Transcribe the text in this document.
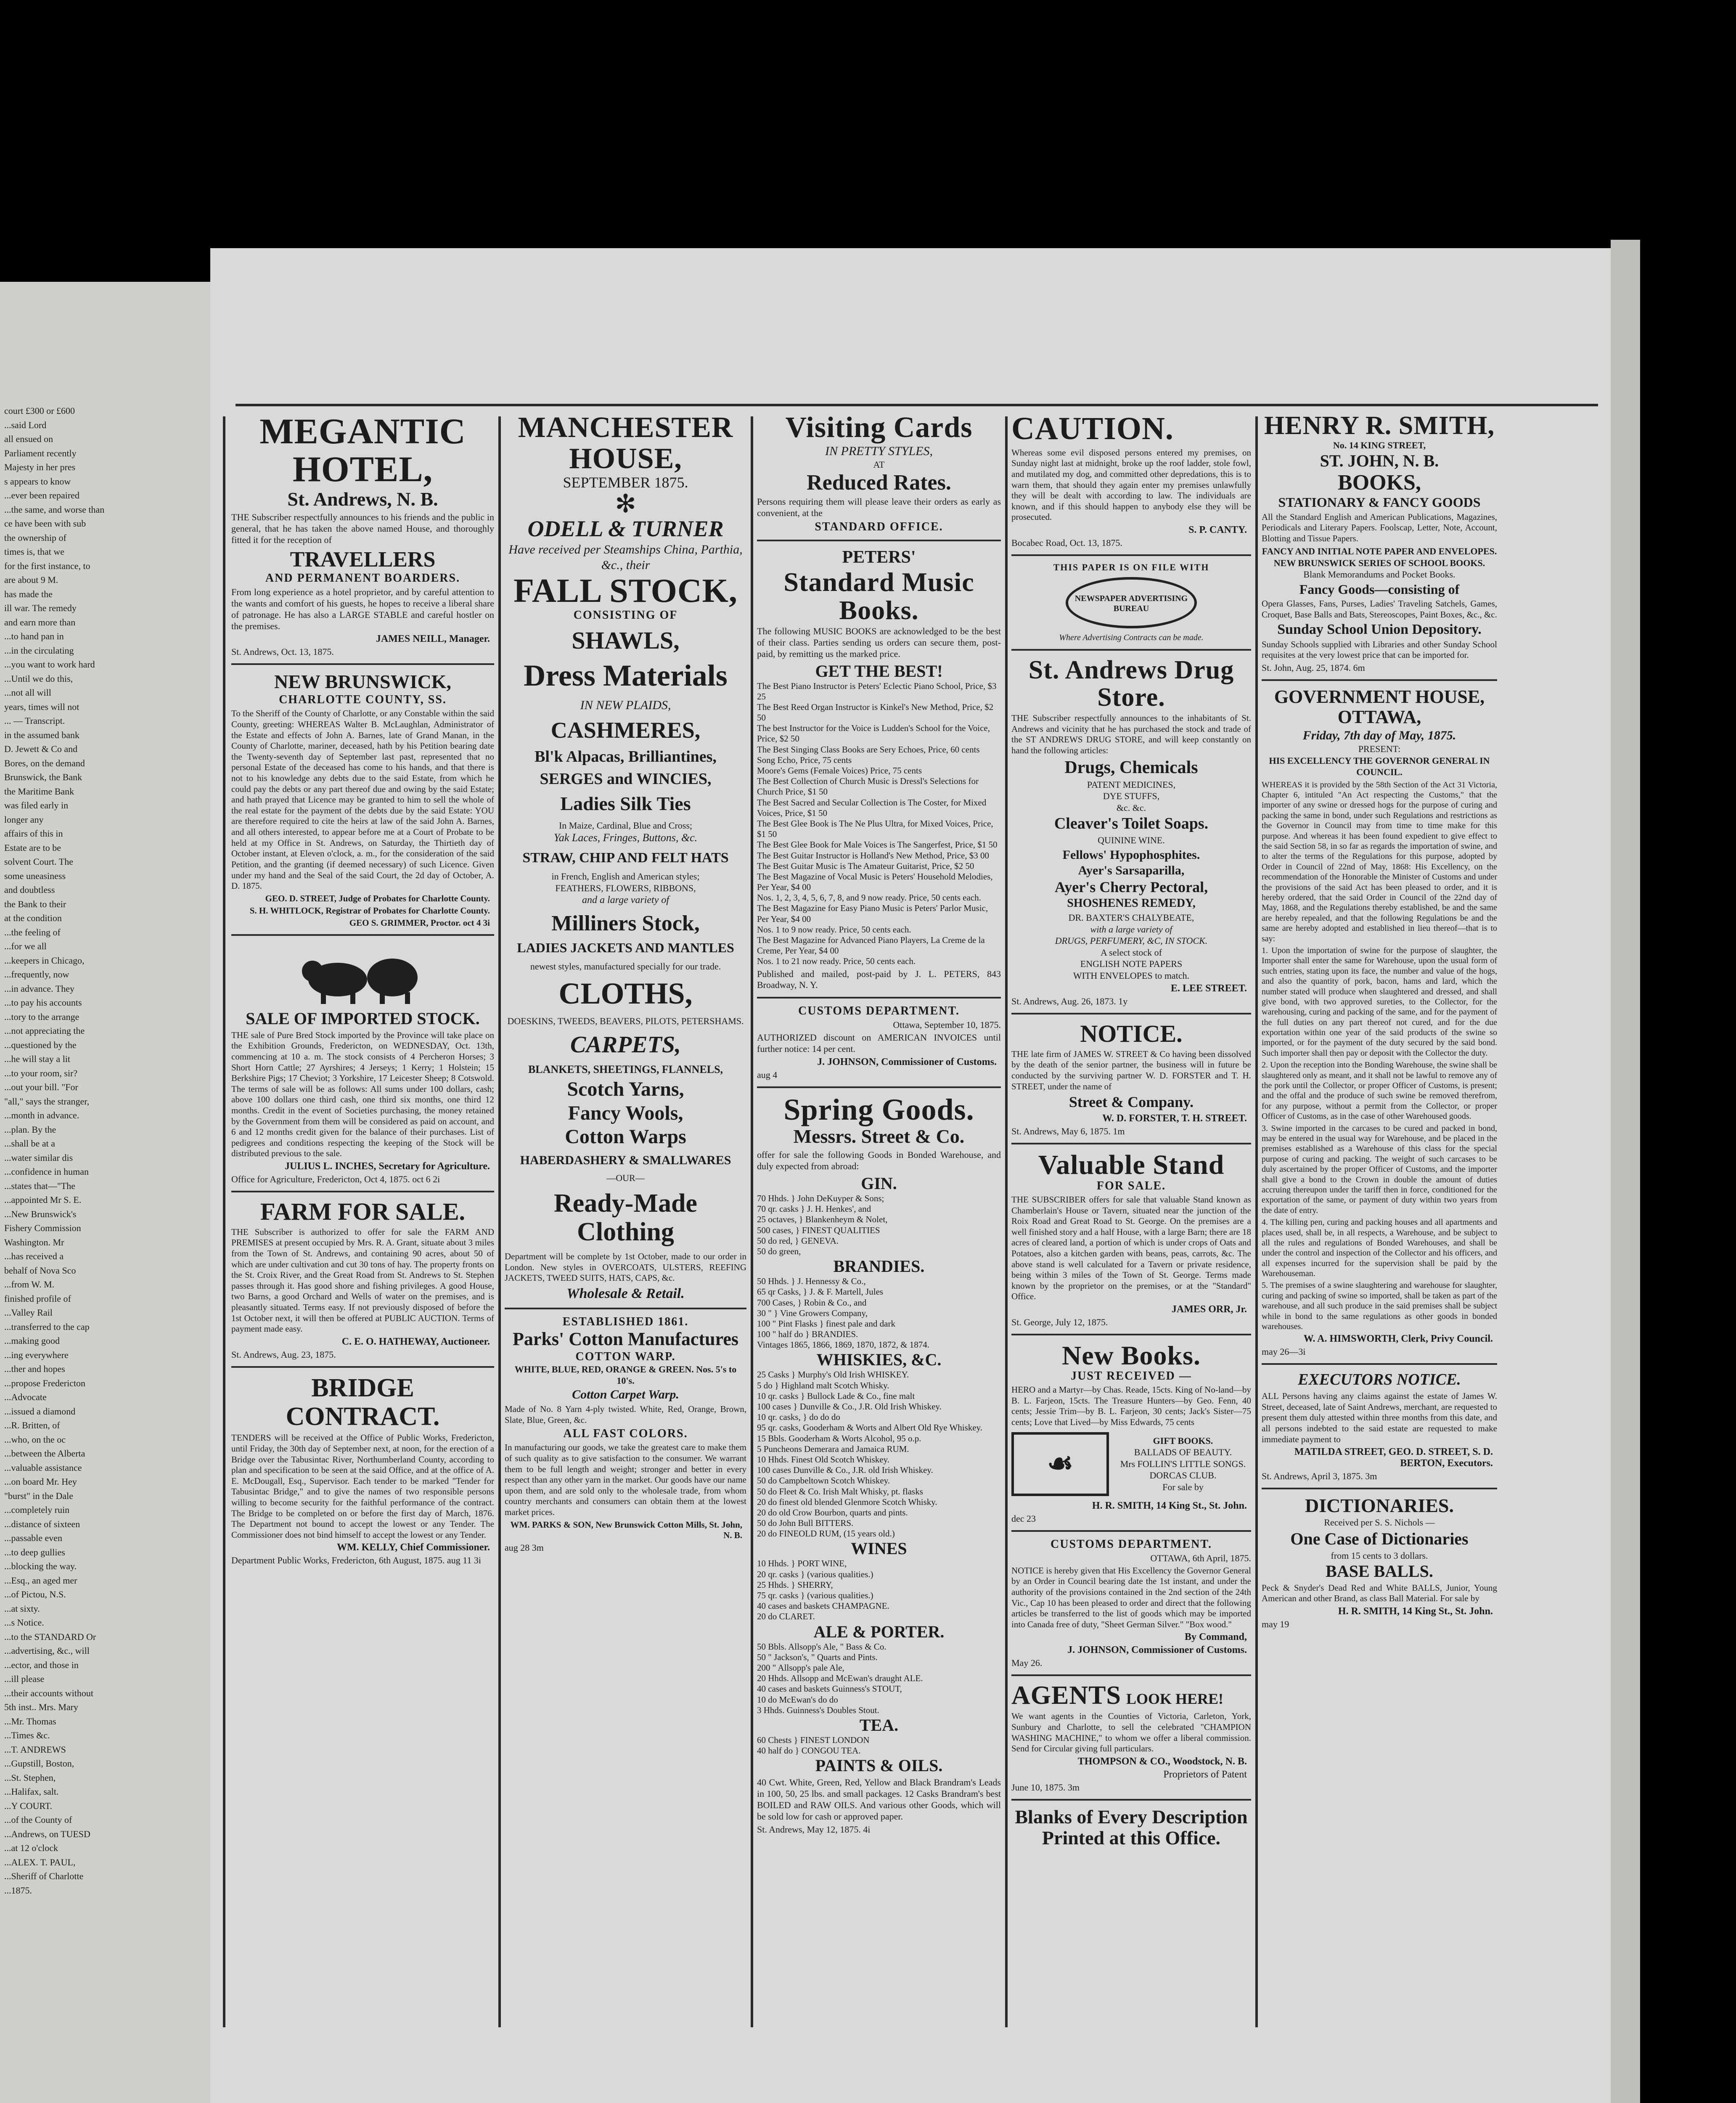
court £300 or £600
...said Lord
all ensued on
Parliament recently
Majesty in her pres
s appears to know
...ever been repaired
...the same, and worse than
ce have been with sub
the ownership of
times is, that we
for the first instance, to
are about 9 M.
has made the
ill war. The remedy
and earn more than
...to hand pan in
...in the circulating
...you want to work hard
...Until we do this,
...not all will
years, times will not
... — Transcript.
in the assumed bank
D. Jewett & Co and
Bores, on the demand
Brunswick, the Bank
the Maritime Bank
was filed early in
longer any
affairs of this in
Estate are to be
solvent Court. The
some uneasiness
and doubtless
the Bank to their
at the condition
...the feeling of
...for we all
...keepers in Chicago,
...frequently, now
...in advance. They
...to pay his accounts
...tory to the arrange
...not appreciating the
...questioned by the
...he will stay a lit
...to your room, sir?
...out your bill. "For
"all," says the stranger,
...month in advance.
...plan. By the
...shall be at a
...water similar dis
...confidence in human
...states that—"The
...appointed Mr S. E.
...New Brunswick's
Fishery Commission
Washington. Mr
...has received a
behalf of Nova Sco
...from W. M.
finished profile of
...Valley Rail
...transferred to the cap
...making good
...ing everywhere
...ther and hopes
...propose Fredericton
...Advocate
...issued a diamond
...R. Britten, of
...who, on the oc
...between the Alberta
...valuable assistance
...on board Mr. Hey
"burst" in the Dale
...completely ruin
...distance of sixteen
...passable even
...to deep gullies
...blocking the way.
...Esq., an aged mer
...of Pictou, N.S.
...at sixty.
...s Notice.
...to the STANDARD Or
...advertising, &c., will
...ector, and those in
...ill please
...their accounts without
5th inst.. Mrs. Mary
...Mr. Thomas
...Times &c.
...T. ANDREWS
...Gupstill, Boston,
...St. Stephen,
...Halifax, salt.
...Y COURT.
...of the County of
...Andrews, on TUESD
...at 12 o'clock
...ALEX. T. PAUL,
...Sheriff of Charlotte
...1875.
MEGANTIC HOTEL,
St. Andrews, N. B.

THE Subscriber respectfully announces to his friends and the public in general, that he has taken the above named House, and thoroughly fitted it for the reception of

TRAVELLERS
AND PERMANENT BOARDERS.

From long experience as a hotel proprietor, and by careful attention to the wants and comfort of his guests, he hopes to receive a liberal share of patronage. He has also a LARGE STABLE and careful hostler on the premises.

JAMES NEILL, Manager.
St. Andrews, Oct. 13, 1875.
NEW BRUNSWICK,
CHARLOTTE COUNTY, SS.

To the Sheriff of the County of Charlotte, or any Constable within the said County, greeting: WHEREAS Walter B. McLaughlan, Administrator of the Estate and effects of John A. Barnes, late of Grand Manan, in the County of Charlotte, mariner, deceased, hath by his Petition bearing date the Twenty-seventh day of September last past, represented that no personal Estate of the deceased has come to his hands, and that there is not to his knowledge any debts due to the said Estate, from which he could pay the debts or any part thereof due and owing by the said Estate; and hath prayed that Licence may be granted to him to sell the whole of the real estate for the payment of the debts due by the said Estate: YOU are therefore required to cite the heirs at law of the said John A. Barnes, and all others interested, to appear before me at a Court of Probate to be held at my Office in St. Andrews, on Saturday, the Thirtieth day of October instant, at Eleven o'clock, a. m., for the consideration of the said Petition, and the granting (if deemed necessary) of such Licence. Given under my hand and the Seal of the said Court, the 2d day of October, A. D. 1875.

GEO. D. STREET, Judge of Probates for Charlotte County.
S. H. WHITLOCK, Registrar of Probates for Charlotte County.
GEO S. GRIMMER, Proctor. oct 4 3i
SALE OF IMPORTED STOCK.

THE sale of Pure Bred Stock imported by the Province will take place on the Exhibition Grounds, Fredericton, on WEDNESDAY, Oct. 13th, commencing at 10 a. m. The stock consists of 4 Percheron Horses; 3 Short Horn Cattle; 27 Ayrshires; 4 Jerseys; 1 Kerry; 1 Holstein; 15 Berkshire Pigs; 17 Cheviot; 3 Yorkshire, 17 Leicester Sheep; 8 Cotswold. The terms of sale will be as follows: All sums under 100 dollars, cash; above 100 dollars one third cash, one third six months, one third 12 months. Credit in the event of Societies purchasing, the money retained by the Government from them will be considered as paid on account, and 6 and 12 months credit given for the balance of their purchases. List of pedigrees and conditions respecting the keeping of the Stock will be distributed previous to the sale.

JULIUS L. INCHES, Secretary for Agriculture.
Office for Agriculture, Fredericton, Oct 4, 1875. oct 6 2i
FARM FOR SALE.

THE Subscriber is authorized to offer for sale the FARM AND PREMISES at present occupied by Mrs. R. A. Grant, situate about 3 miles from the Town of St. Andrews, and containing 90 acres, about 50 of which are under cultivation and cut 30 tons of hay. The property fronts on the St. Croix River, and the Great Road from St. Andrews to St. Stephen passes through it. Has good shore and fishing privileges. A good House, two Barns, a good Orchard and Wells of water on the premises, and is pleasantly situated. Terms easy. If not previously disposed of before the 1st October next, it will then be offered at PUBLIC AUCTION. Terms of payment made easy.

C. E. O. HATHEWAY, Auctioneer.
St. Andrews, Aug. 23, 1875.
BRIDGE CONTRACT.

TENDERS will be received at the Office of Public Works, Fredericton, until Friday, the 30th day of September next, at noon, for the erection of a Bridge over the Tabusintac River, Northumberland County, according to plan and specification to be seen at the said Office, and at the office of A. E. McDougall, Esq., Supervisor. Each tender to be marked "Tender for Tabusintac Bridge," and to give the names of two responsible persons willing to become security for the faithful performance of the contract. The Bridge to be completed on or before the first day of March, 1876. The Department not bound to accept the lowest or any Tender. The Commissioner does not bind himself to accept the lowest or any Tender.

WM. KELLY, Chief Commissioner.
Department Public Works, Fredericton, 6th August, 1875. aug 11 3i
MANCHESTER HOUSE,
SEPTEMBER 1875.
✻
ODELL & TURNER
Have received per Steamships China, Parthia, &c., their
FALL STOCK,
CONSISTING OF
SHAWLS,
Dress Materials
IN NEW PLAIDS,
CASHMERES,
Bl'k Alpacas, Brilliantines,
SERGES and WINCIES,
Ladies Silk Ties
In Maize, Cardinal, Blue and Cross;
Yak Laces, Fringes, Buttons, &c.
STRAW, CHIP AND FELT HATS
in French, English and American styles;
FEATHERS, FLOWERS, RIBBONS,
and a large variety of
Milliners Stock,
LADIES JACKETS AND MANTLES
newest styles, manufactured specially for our trade.
CLOTHS,
DOESKINS, TWEEDS, BEAVERS, PILOTS, PETERSHAMS.
CARPETS,
BLANKETS, SHEETINGS, FLANNELS,
Scotch Yarns,
Fancy Wools,
Cotton Warps
HABERDASHERY & SMALLWARES
—OUR—
Ready-Made Clothing

Department will be complete by 1st October, made to our order in London. New styles in OVERCOATS, ULSTERS, REEFING JACKETS, TWEED SUITS, HATS, CAPS, &c.

Wholesale & Retail.
ESTABLISHED 1861.
Parks' Cotton Manufactures
COTTON WARP.
WHITE, BLUE, RED, ORANGE & GREEN. Nos. 5's to 10's.
Cotton Carpet Warp.

Made of No. 8 Yarn 4-ply twisted. White, Red, Orange, Brown, Slate, Blue, Green, &c.

ALL FAST COLORS.

In manufacturing our goods, we take the greatest care to make them of such quality as to give satisfaction to the consumer. We warrant them to be full length and weight; stronger and better in every respect than any other yarn in the market. Our goods have our name upon them, and are sold only to the wholesale trade, from whom country merchants and consumers can obtain them at the lowest market prices.

WM. PARKS & SON, New Brunswick Cotton Mills, St. John, N. B.
aug 28 3m
Visiting Cards
IN PRETTY STYLES,
AT
Reduced Rates.

Persons requiring them will please leave their orders as early as convenient, at the

STANDARD OFFICE.
PETERS'
Standard Music Books.

The following MUSIC BOOKS are acknowledged to be the best of their class. Parties sending us orders can secure them, post-paid, by remitting us the marked price.

GET THE BEST!
The Best Piano Instructor is Peters' Eclectic Piano School, Price, $3 25
The Best Reed Organ Instructor is Kinkel's New Method, Price, $2 50
The best Instructor for the Voice is Ludden's School for the Voice, Price, $2 50
The Best Singing Class Books are Sery Echoes, Price, 60 cents
Song Echo, Price, 75 cents
Moore's Gems (Female Voices) Price, 75 cents
The Best Collection of Church Music is Dressl's Selections for Church Price, $1 50
The Best Sacred and Secular Collection is The Coster, for Mixed Voices, Price, $1 50
The Best Glee Book is The Ne Plus Ultra, for Mixed Voices, Price, $1 50
The Best Glee Book for Male Voices is The Sangerfest, Price, $1 50
The Best Guitar Instructor is Holland's New Method, Price, $3 00
The Best Guitar Music is The Amateur Guitarist, Price, $2 50
The Best Magazine of Vocal Music is Peters' Household Melodies, Per Year, $4 00
Nos. 1, 2, 3, 4, 5, 6, 7, 8, and 9 now ready. Price, 50 cents each.
The Best Magazine for Easy Piano Music is Peters' Parlor Music, Per Year, $4 00
Nos. 1 to 9 now ready. Price, 50 cents each.
The Best Magazine for Advanced Piano Players, La Creme de la Creme, Per Year, $4 00
Nos. 1 to 21 now ready. Price, 50 cents each.

Published and mailed, post-paid by J. L. PETERS, 843 Broadway, N. Y.

CUSTOMS DEPARTMENT.
Ottawa, September 10, 1875.

AUTHORIZED discount on AMERICAN INVOICES until further notice: 14 per cent.

J. JOHNSON, Commissioner of Customs.
aug 4
Spring Goods.
Messrs. Street & Co.

offer for sale the following Goods in Bonded Warehouse, and duly expected from abroad:

GIN.
70 Hhds. } John DeKuyper & Sons;
70 qr. casks } J. H. Henkes', and
25 octaves, } Blankenheym & Nolet,
500 cases, } FINEST QUALITIES
50 do red, } GENEVA.
50 do green,
BRANDIES.
50 Hhds. } J. Hennessy & Co.,
65 qr Casks, } J. & F. Martell, Jules
700 Cases, } Robin & Co., and
30 " } Vine Growers Company,
100 " Pint Flasks } finest pale and dark
100 " half do } BRANDIES.
Vintages 1865, 1866, 1869, 1870, 1872, & 1874.
WHISKIES, &C.
25 Casks } Murphy's Old Irish WHISKEY.
5 do } Highland malt Scotch Whisky.
10 qr. casks } Bullock Lade & Co., fine malt
100 cases } Dunville & Co., J.R. Old Irish Whiskey.
10 qr. casks, } do do do
95 qr. casks, Gooderham & Worts and Albert Old Rye Whiskey.
15 Bbls. Gooderham & Worts Alcohol, 95 o.p.
5 Puncheons Demerara and Jamaica RUM.
10 Hhds. Finest Old Scotch Whiskey.
100 cases Dunville & Co., J.R. old Irish Whiskey.
50 do Campbeltown Scotch Whiskey.
50 do Fleet & Co. Irish Malt Whisky, pt. flasks
20 do finest old blended Glenmore Scotch Whisky.
20 do old Crow Bourbon, quarts and pints.
50 do John Bull BITTERS.
20 do FINEOLD RUM, (15 years old.)
WINES
10 Hhds. } PORT WINE,
20 qr. casks } (various qualities.)
25 Hhds. } SHERRY,
75 qr. casks } (various qualities.)
40 cases and baskets CHAMPAGNE.
20 do CLARET.
ALE & PORTER.
50 Bbls. Allsopp's Ale, " Bass & Co.
50 " Jackson's, " Quarts and Pints.
200 " Allsopp's pale Ale,
20 Hhds. Allsopp and McEwan's draught ALE.
40 cases and baskets Guinness's STOUT,
10 do McEwan's do do
3 Hhds. Guinness's Doubles Stout.
TEA.
60 Chests } FINEST LONDON
40 half do } CONGOU TEA.
PAINTS & OILS.

40 Cwt. White, Green, Red, Yellow and Black Brandram's Leads in 100, 50, 25 lbs. and small packages. 12 Casks Brandram's best BOILED and RAW OILS. And various other Goods, which will be sold low for cash or approved paper.

St. Andrews, May 12, 1875. 4i
CAUTION.

Whereas some evil disposed persons entered my premises, on Sunday night last at midnight, broke up the roof ladder, stole fowl, and mutilated my dog, and committed other depredations, this is to warn them, that should they again enter my premises unlawfully they will be dealt with according to law. The individuals are known, and if this should happen to anybody else they will be prosecuted.

S. P. CANTY.
Bocabec Road, Oct. 13, 1875.
THIS PAPER IS ON FILE WITH
NEWSPAPER ADVERTISING BUREAU
Where Advertising Contracts can be made.
St. Andrews Drug Store.

THE Subscriber respectfully announces to the inhabitants of St. Andrews and vicinity that he has purchased the stock and trade of the ST ANDREWS DRUG STORE, and will keep constantly on hand the following articles:

Drugs, Chemicals
PATENT MEDICINES,
DYE STUFFS,
&c. &c.
Cleaver's Toilet Soaps.
QUININE WINE.
Fellows' Hypophosphites.
Ayer's Sarsaparilla,
Ayer's Cherry Pectoral,
SHOSHENES REMEDY,
DR. BAXTER'S CHALYBEATE,
with a large variety of
DRUGS, PERFUMERY, &C, IN STOCK.
A select stock of
ENGLISH NOTE PAPERS
WITH ENVELOPES to match.
E. LEE STREET.
St. Andrews, Aug. 26, 1873. 1y
NOTICE.

THE late firm of JAMES W. STREET & Co having been dissolved by the death of the senior partner, the business will in future be conducted by the surviving partner W. D. FORSTER and T. H. STREET, under the name of

Street & Company.
W. D. FORSTER, T. H. STREET.
St. Andrews, May 6, 1875. 1m
Valuable Stand
FOR SALE.

THE SUBSCRIBER offers for sale that valuable Stand known as Chamberlain's House or Tavern, situated near the junction of the Roix Road and Great Road to St. George. On the premises are a well finished story and a half House, with a large Barn; there are 18 acres of cleared land, a portion of which is under crops of Oats and Potatoes, also a kitchen garden with beans, peas, carrots, &c. The above stand is well calculated for a Tavern or private residence, being within 3 miles of the Town of St. George. Terms made known by the proprietor on the premises, or at the "Standard" Office.

JAMES ORR, Jr.
St. George, July 12, 1875.
New Books.
JUST RECEIVED —

HERO and a Martyr—by Chas. Reade, 15cts. King of No-land—by B. L. Farjeon, 15cts. The Treasure Hunters—by Geo. Fenn, 40 cents; Jessie Trim—by B. L. Farjeon, 30 cents; Jack's Sister—75 cents; Love that Lived—by Miss Edwards, 75 cents

☙
GIFT BOOKS.
BALLADS OF BEAUTY.
Mrs FOLLIN'S LITTLE SONGS.
DORCAS CLUB.
For sale by
H. R. SMITH, 14 King St., St. John.
dec 23
CUSTOMS DEPARTMENT.
OTTAWA, 6th April, 1875.

NOTICE is hereby given that His Excellency the Governor General by an Order in Council bearing date the 1st instant, and under the authority of the provisions contained in the 2nd section of the 24th Vic., Cap 10 has been pleased to order and direct that the following articles be transferred to the list of goods which may be imported into Canada free of duty, "Sheet German Silver." "Box wood."

By Command,
J. JOHNSON, Commissioner of Customs.
May 26.
AGENTS LOOK HERE!

We want agents in the Counties of Victoria, Carleton, York, Sunbury and Charlotte, to sell the celebrated "CHAMPION WASHING MACHINE," to whom we offer a liberal commission. Send for Circular giving full particulars.

THOMPSON & CO., Woodstock, N. B.
Proprietors of Patent
June 10, 1875. 3m
Blanks of Every Description Printed at this Office.
HENRY R. SMITH,
No. 14 KING STREET,
ST. JOHN, N. B.
BOOKS,
STATIONARY & FANCY GOODS

All the Standard English and American Publications, Magazines, Periodicals and Literary Papers. Foolscap, Letter, Note, Account, Blotting and Tissue Papers.

FANCY AND INITIAL NOTE PAPER AND ENVELOPES.
NEW BRUNSWICK SERIES OF SCHOOL BOOKS.
Blank Memorandums and Pocket Books.
Fancy Goods—consisting of

Opera Glasses, Fans, Purses, Ladies' Traveling Satchels, Games, Croquet, Base Balls and Bats, Stereoscopes, Paint Boxes, &c., &c.

Sunday School Union Depository.

Sunday Schools supplied with Libraries and other Sunday School requisites at the very lowest price that can be imported for.

St. John, Aug. 25, 1874. 6m
GOVERNMENT HOUSE, OTTAWA,
Friday, 7th day of May, 1875.
PRESENT:
HIS EXCELLENCY THE GOVERNOR GENERAL IN COUNCIL.

WHEREAS it is provided by the 58th Section of the Act 31 Victoria, Chapter 6, intituled "An Act respecting the Customs," that the importer of any swine or dressed hogs for the purpose of curing and packing the same in bond, under such Regulations and restrictions as the Governor in Council may from time to time make for this purpose. And whereas it has been found expedient to give effect to the said Section 58, in so far as regards the importation of swine, and to alter the terms of the Regulations for this purpose, adopted by Order in Council of 22nd of May, 1868: His Excellency, on the recommendation of the Honorable the Minister of Customs and under the provisions of the said Act has been pleased to order, and it is hereby ordered, that the said Order in Council of the 22nd day of May, 1868, and the Regulations thereby established, be and the same are hereby repealed, and that the following Regulations be and the same are hereby adopted and established in lieu thereof—that is to say:

1. Upon the importation of swine for the purpose of slaughter, the Importer shall enter the same for Warehouse, upon the usual form of such entries, stating upon its face, the number and value of the hogs, and also the quantity of pork, bacon, hams and lard, which the number stated will produce when slaughtered and dressed, and shall give bond, with two approved sureties, to the Collector, for the warehousing, curing and packing of the same, and for the payment of the full duties on any part thereof not cured, and for the due exportation within one year of the said products of the swine so imported, or for the payment of the duty secured by the said bond. Such importer shall then pay or deposit with the Collector the duty.

2. Upon the reception into the Bonding Warehouse, the swine shall be slaughtered only as meant, and it shall not be lawful to remove any of the pork until the Collector, or proper Officer of Customs, is present; and the offal and the produce of such swine be removed therefrom, for any purpose, without a permit from the Collector, or proper Officer of Customs, as in the case of other Warehoused goods.

3. Swine imported in the carcases to be cured and packed in bond, may be entered in the usual way for Warehouse, and be placed in the premises established as a Warehouse of this class for the special purpose of curing and packing. The weight of such carcases to be duly ascertained by the proper Officer of Customs, and the importer shall give a bond to the Crown in double the amount of duties accruing thereupon under the tariff then in force, conditioned for the exportation of the same, or payment of duty within two years from the date of entry.

4. The killing pen, curing and packing houses and all apartments and places used, shall be, in all respects, a Warehouse, and be subject to all the rules and regulations of Bonded Warehouses, and shall be under the control and inspection of the Collector and his officers, and all expenses incurred for the supervision shall be paid by the Warehouseman.

5. The premises of a swine slaughtering and warehouse for slaughter, curing and packing of swine so imported, shall be taken as part of the warehouse, and all such produce in the said premises shall be subject while in bond to the same regulations as other goods in bonded warehouses.

W. A. HIMSWORTH, Clerk, Privy Council.
may 26—3i
EXECUTORS NOTICE.

ALL Persons having any claims against the estate of James W. Street, deceased, late of Saint Andrews, merchant, are requested to present them duly attested within three months from this date, and all persons indebted to the said estate are requested to make immediate payment to

MATILDA STREET, GEO. D. STREET, S. D. BERTON, Executors.
St. Andrews, April 3, 1875. 3m
DICTIONARIES.
Received per S. S. Nichols —
One Case of Dictionaries
from 15 cents to 3 dollars.
BASE BALLS.

Peck & Snyder's Dead Red and White BALLS, Junior, Young American and other Brand, as class Ball Material. For sale by

H. R. SMITH, 14 King St., St. John.
may 19
